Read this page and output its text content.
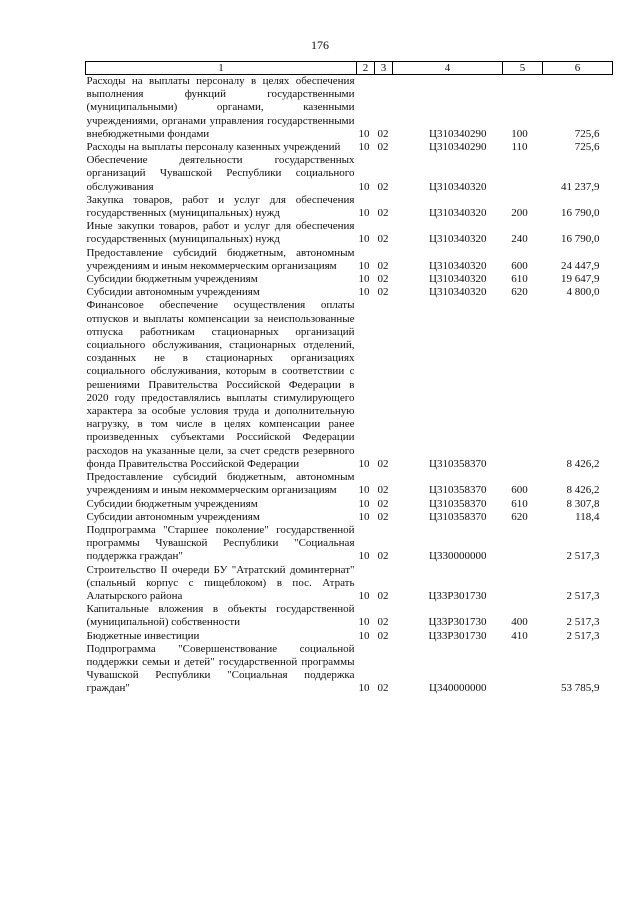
176
1	2	3	4	5	6
Расходы на выплаты персоналу в целях обеспечения выполнения функций государственными (муниципальными) органами, казенными учреждениями, органами управления государственными внебюджетными фондами	10	02	Ц310340290	100	725,6
Расходы на выплаты персоналу казенных учреждений	10	02	Ц310340290	110	725,6
Обеспечение деятельности государственных организаций Чувашской Республики социального обслуживания	10	02	Ц310340320		41 237,9
Закупка товаров, работ и услуг для обеспечения государственных (муниципальных) нужд	10	02	Ц310340320	200	16 790,0
Иные закупки товаров, работ и услуг для обеспечения государственных (муниципальных) нужд	10	02	Ц310340320	240	16 790,0
Предоставление субсидий бюджетным, автономным учреждениям и иным некоммерческим организациям	10	02	Ц310340320	600	24 447,9
Субсидии бюджетным учреждениям	10	02	Ц310340320	610	19 647,9
Субсидии автономным учреждениям	10	02	Ц310340320	620	4 800,0
Финансовое обеспечение осуществления оплаты отпусков и выплаты компенсации за неиспользованные отпуска работникам стационарных организаций социального обслуживания, стационарных отделений, созданных не в стационарных организациях социального обслуживания, которым в соответствии с решениями Правительства Российской Федерации в 2020 году предоставлялись выплаты стимулирующего характера за особые условия труда и дополнительную нагрузку, в том числе в целях компенсации ранее произведенных субъектами Российской Федерации расходов на указанные цели, за счет средств резервного фонда Правительства Российской Федерации	10	02	Ц310358370		8 426,2
Предоставление субсидий бюджетным, автономным учреждениям и иным некоммерческим организациям	10	02	Ц310358370	600	8 426,2
Субсидии бюджетным учреждениям	10	02	Ц310358370	610	8 307,8
Субсидии автономным учреждениям	10	02	Ц310358370	620	118,4
Подпрограмма "Старшее поколение" государственной программы Чувашской Республики "Социальная поддержка граждан"	10	02	Ц330000000		2 517,3
Строительство II очереди БУ "Атратский доминтернат" (спальный корпус с пищеблоком) в пос. Атрать Алатырского района	10	02	Ц33Р301730		2 517,3
Капитальные вложения в объекты государственной (муниципальной) собственности	10	02	Ц33Р301730	400	2 517,3
Бюджетные инвестиции	10	02	Ц33Р301730	410	2 517,3
Подпрограмма "Совершенствование социальной поддержки семьи и детей" государственной программы Чувашской Республики "Социальная поддержка граждан"	10	02	Ц340000000		53 785,9
